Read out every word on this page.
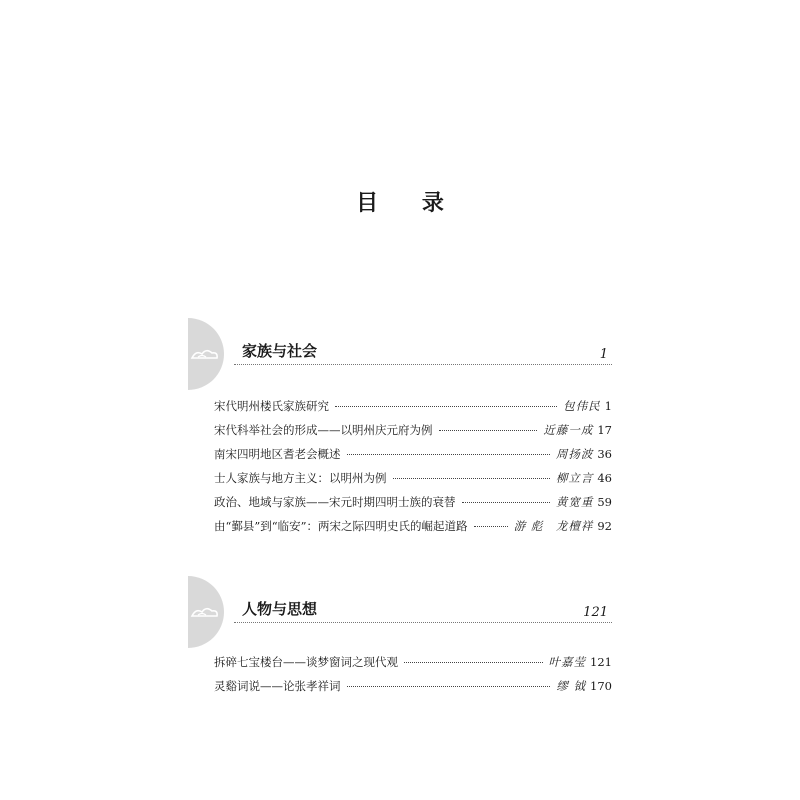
目 录
家族与社会	1
宋代明州楼氏家族研究	包伟民 1
宋代科举社会的形成——以明州庆元府为例	近藤一成 17
南宋四明地区耆老会概述	周扬波 36
士人家族与地方主义：以明州为例	柳立言 46
政治、地域与家族——宋元时期四明士族的衰替	黄宽重 59
由“鄞县”到“临安”：两宋之际四明史氏的崛起道路	游 彪　龙檀祥 92
人物与思想	121
拆碎七宝楼台——谈梦窗词之现代观	叶嘉莹 121
灵谿词说——论张孝祥词	缪 钺 170
